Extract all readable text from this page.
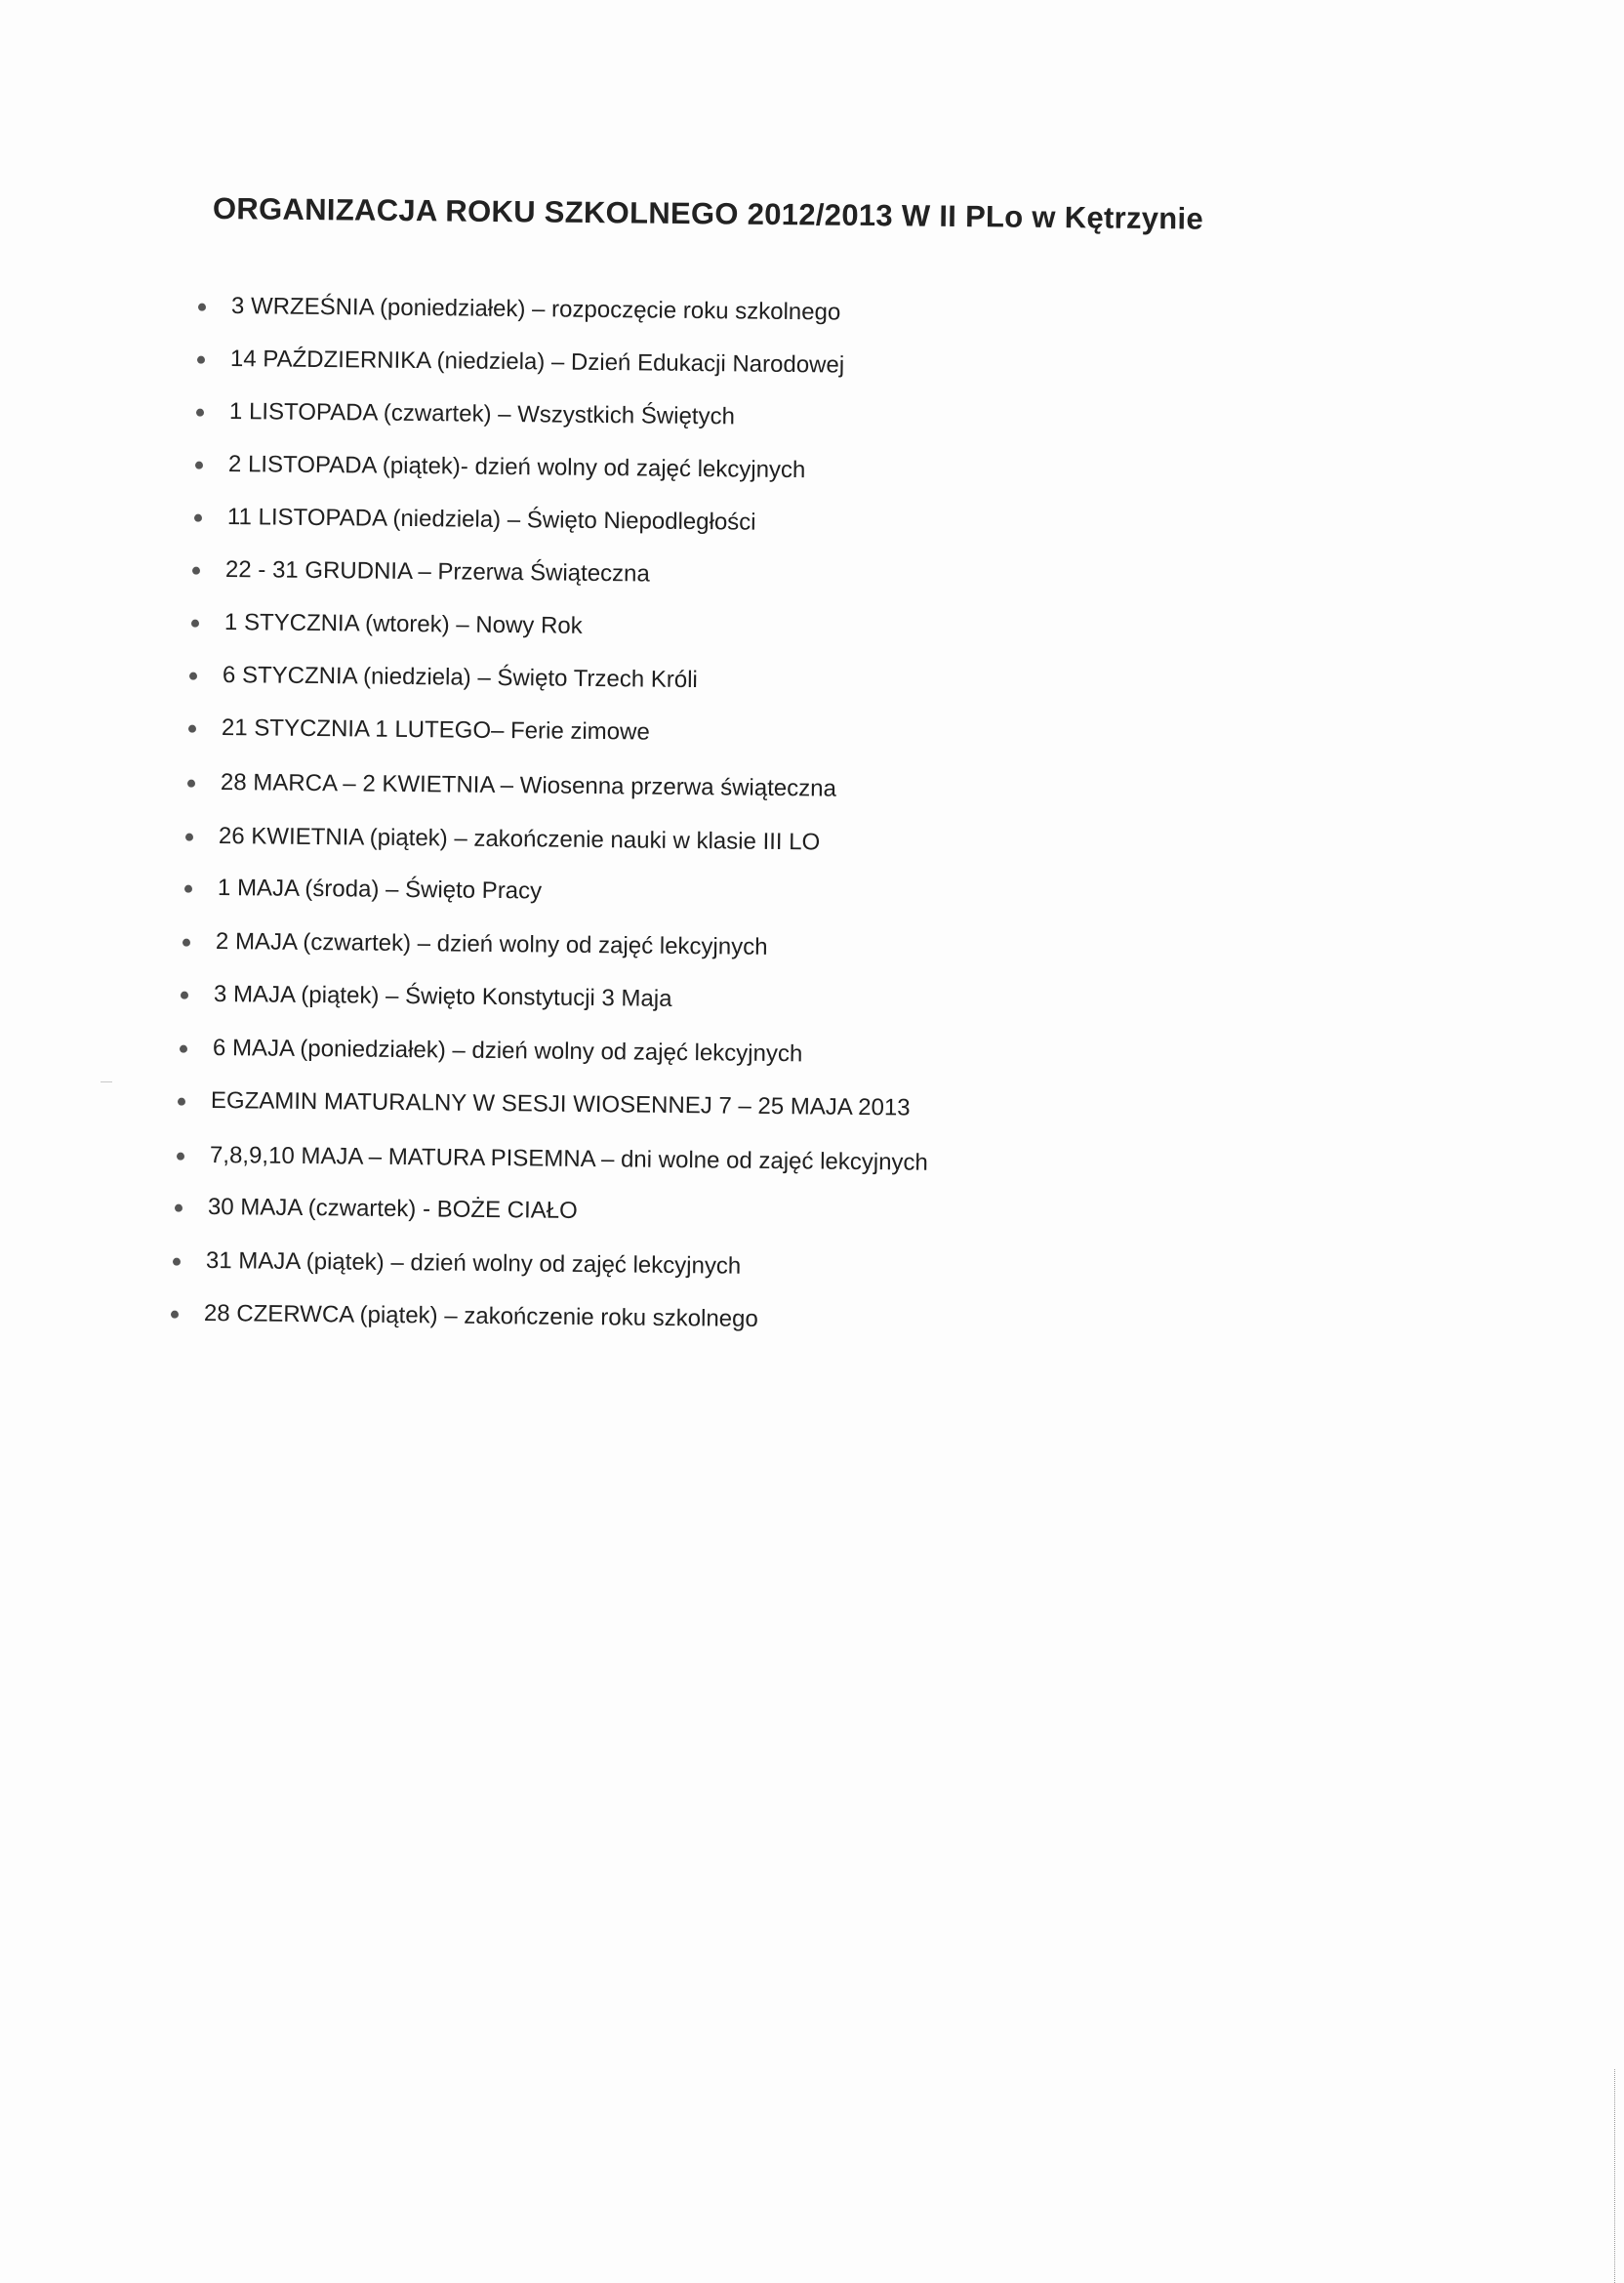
ORGANIZACJA ROKU SZKOLNEGO 2012/2013 W II PLo w Kętrzynie
3 WRZEŚNIA (poniedziałek) – rozpoczęcie roku szkolnego
14 PAŹDZIERNIKA (niedziela) – Dzień Edukacji Narodowej
1 LISTOPADA (czwartek) – Wszystkich Świętych
2 LISTOPADA (piątek)- dzień wolny od zajęć lekcyjnych
11 LISTOPADA (niedziela) – Święto Niepodległości
22 - 31 GRUDNIA – Przerwa Świąteczna
1 STYCZNIA (wtorek) – Nowy Rok
6 STYCZNIA (niedziela) – Święto Trzech Króli
21 STYCZNIA 1 LUTEGO– Ferie zimowe
28 MARCA – 2 KWIETNIA – Wiosenna przerwa świąteczna
26 KWIETNIA (piątek) – zakończenie nauki w klasie III LO
1 MAJA (środa) – Święto Pracy
2 MAJA (czwartek) – dzień wolny od zajęć lekcyjnych
3 MAJA (piątek) – Święto Konstytucji 3 Maja
6 MAJA (poniedziałek) – dzień wolny od zajęć lekcyjnych
EGZAMIN MATURALNY W SESJI WIOSENNEJ 7 – 25 MAJA 2013
7,8,9,10 MAJA – MATURA PISEMNA – dni wolne od zajęć lekcyjnych
30 MAJA (czwartek) - BOŻE CIAŁO
31 MAJA (piątek) – dzień wolny od zajęć lekcyjnych
28 CZERWCA (piątek) – zakończenie roku szkolnego
